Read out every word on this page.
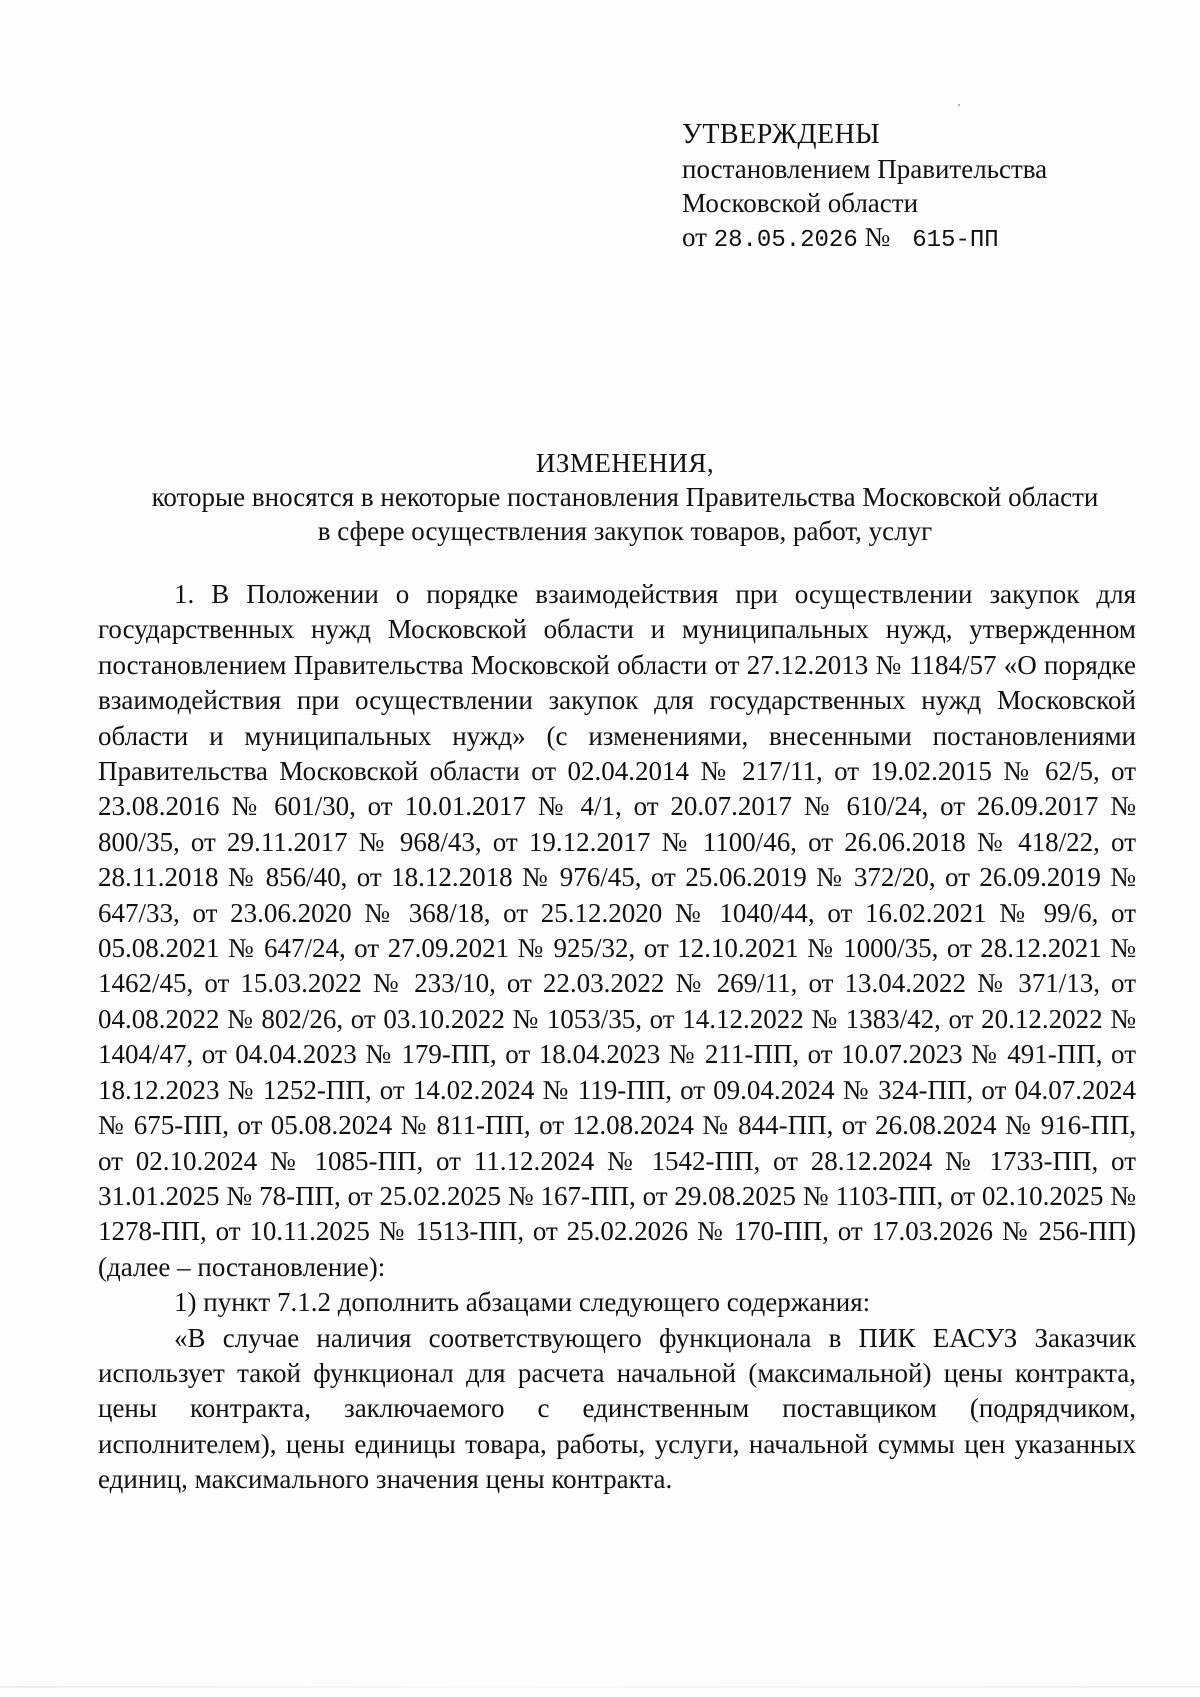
УТВЕРЖДЕНЫ
постановлением Правительства
Московской области
от 28.05.2026 № 615-ПП
ИЗМЕНЕНИЯ,
которые вносятся в некоторые постановления Правительства Московской области
в сфере осуществления закупок товаров, работ, услуг

1. В Положении о порядке взаимодействия при осуществлении закупок для государственных нужд Московской области и муниципальных нужд, утвержденном постановлением Правительства Московской области от 27.12.2013 № 1184/57 «О порядке взаимодействия при осуществлении закупок для государственных нужд Московской области и муниципальных нужд» (с изменениями, внесенными постановлениями Правительства Московской области от 02.04.2014 № 217/11, от 19.02.2015 № 62/5, от 23.08.2016 № 601/30, от 10.01.2017 № 4/1, от 20.07.2017 № 610/24, от 26.09.2017 № 800/35, от 29.11.2017 № 968/43, от 19.12.2017 № 1100/46, от 26.06.2018 № 418/22, от 28.11.2018 № 856/40, от 18.12.2018 № 976/45, от 25.06.2019 № 372/20, от 26.09.2019 № 647/33, от 23.06.2020 № 368/18, от 25.12.2020 № 1040/44, от 16.02.2021 № 99/6, от 05.08.2021 № 647/24, от 27.09.2021 № 925/32, от 12.10.2021 № 1000/35, от 28.12.2021 № 1462/45, от 15.03.2022 № 233/10, от 22.03.2022 № 269/11, от 13.04.2022 № 371/13, от 04.08.2022 № 802/26, от 03.10.2022 № 1053/35, от 14.12.2022 № 1383/42, от 20.12.2022 № 1404/47, от 04.04.2023 № 179-ПП, от 18.04.2023 № 211-ПП, от 10.07.2023 № 491-ПП, от 18.12.2023 № 1252-ПП, от 14.02.2024 № 119-ПП, от 09.04.2024 № 324-ПП, от 04.07.2024 № 675-ПП, от 05.08.2024 № 811-ПП, от 12.08.2024 № 844-ПП, от 26.08.2024 № 916-ПП, от 02.10.2024 № 1085-ПП, от 11.12.2024 № 1542-ПП, от 28.12.2024 № 1733-ПП, от 31.01.2025 № 78-ПП, от 25.02.2025 № 167-ПП, от 29.08.2025 № 1103-ПП, от 02.10.2025 № 1278-ПП, от 10.11.2025 № 1513-ПП, от 25.02.2026 № 170-ПП, от 17.03.2026 № 256-ПП) (далее – постановление):

1) пункт 7.1.2 дополнить абзацами следующего содержания:

«В случае наличия соответствующего функционала в ПИК ЕАСУЗ Заказчик использует такой функционал для расчета начальной (максимальной) цены контракта, цены контракта, заключаемого с единственным поставщиком (подрядчиком, исполнителем), цены единицы товара, работы, услуги, начальной суммы цен указанных единиц, максимального значения цены контракта.
